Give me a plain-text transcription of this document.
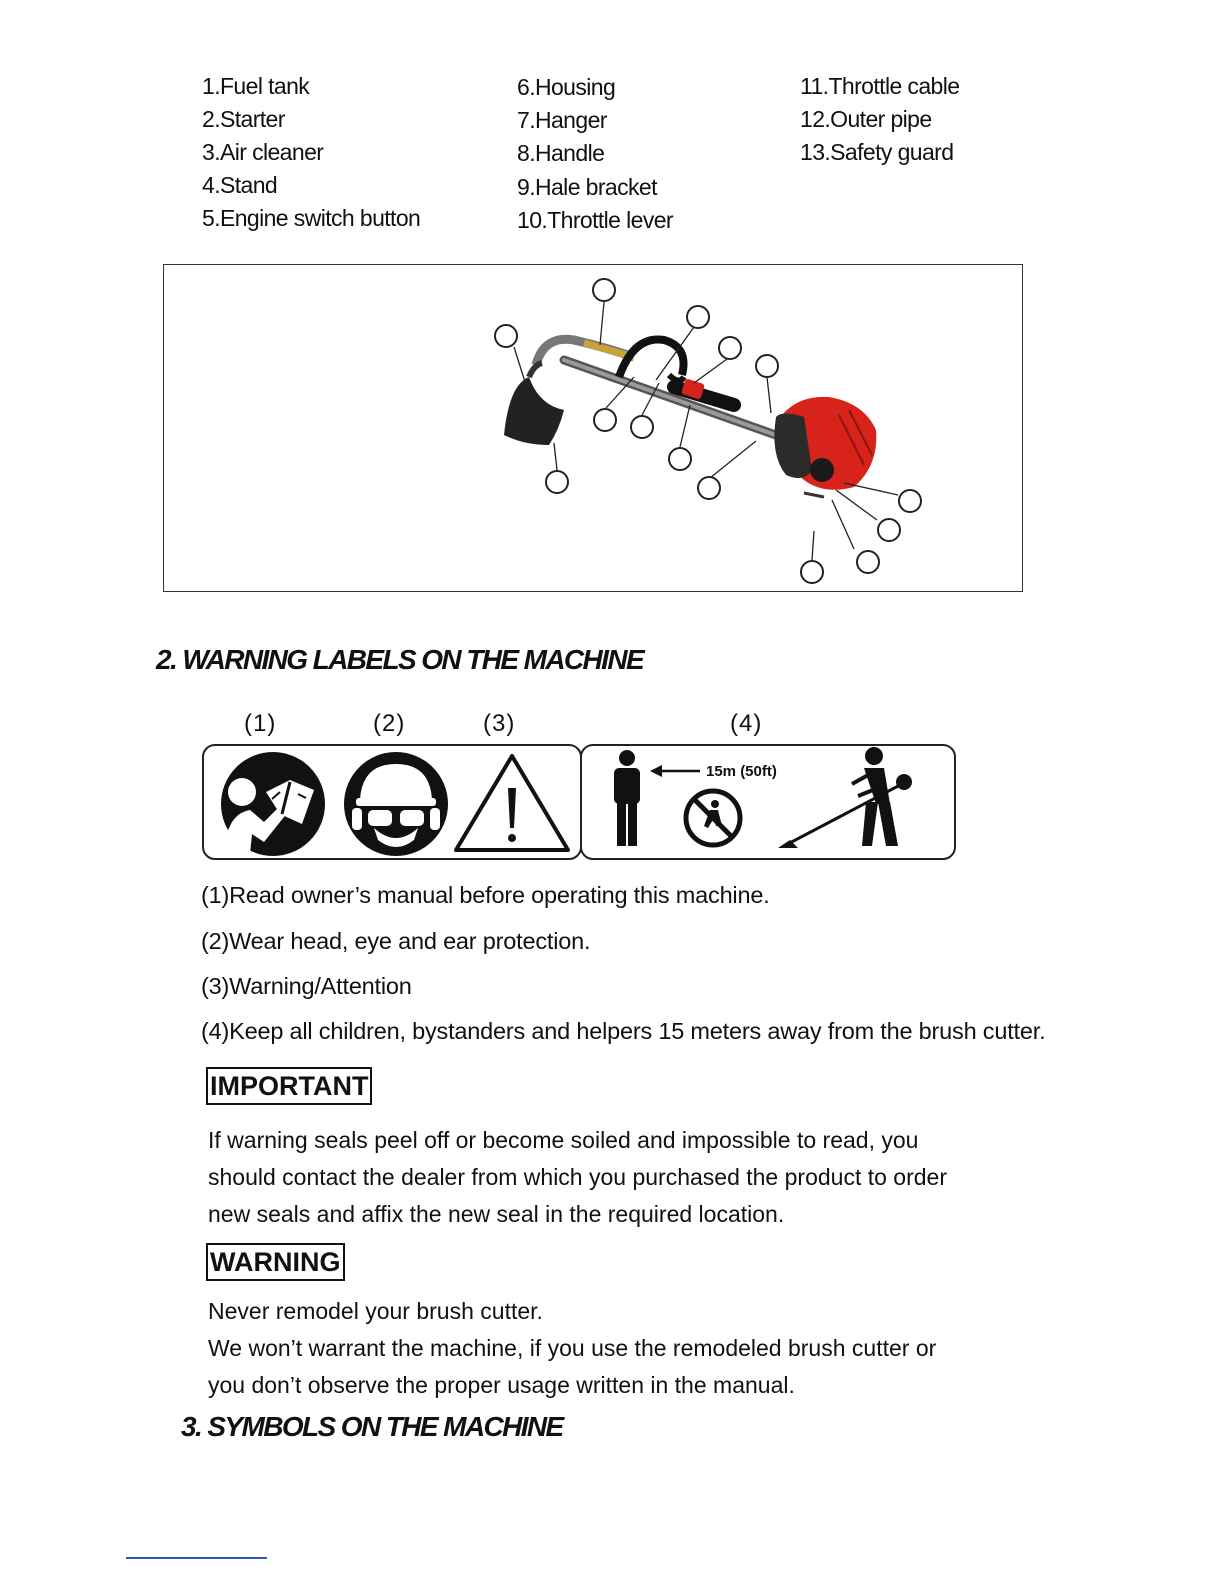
1.Fuel tank
2.Starter
3.Air cleaner
4.Stand
5.Engine switch button
6.Housing
7.Hanger
8.Handle
9.Hale bracket
10.Throttle lever
11.Throttle cable
12.Outer pipe
13.Safety guard
2. WARNING LABELS ON THE MACHINE
(1)	(2)	(3)	(4)
15m (50ft)
(1)Read owner’s manual before operating this machine.
(2)Wear head, eye and ear protection.
(3)Warning/Attention
(4)Keep all children, bystanders and helpers 15 meters away from the brush cutter.
IMPORTANT
If warning seals peel off or become soiled and impossible to read, you
should contact the dealer from which you purchased the product to order
new seals and affix the new seal in the required location.
WARNING
Never remodel your brush cutter.
We won’t warrant the machine, if you use the remodeled brush cutter or
you don’t observe the proper usage written in the manual.
3. SYMBOLS ON THE MACHINE
